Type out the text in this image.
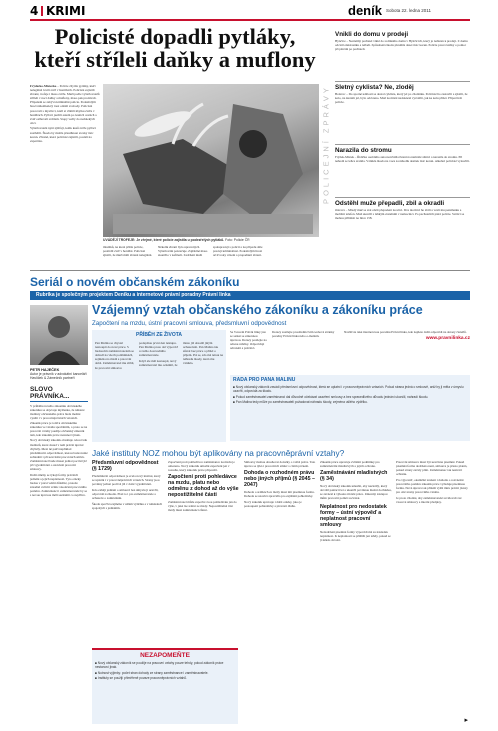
4 KRIMI	deník Sobota 22. ledna 2011
Policisté dopadli pytláky,
kteří stříleli daňky a muflony

Frýdecko-Místecko – Policie chytila pytláky, kteří nelegálně lovili zvěř v honitbách. Policisté zajistili zbraně, trofeje i maso zvěře. Muži podle vyšetřovatelů stříleli v noci daňky a muflony, maso pak prodávali. Případem se zabývá kriminální policie. Podezřelým hrozí několikaletý trest odnětí svobody. Policisté pracovali s myslivci, kteří si všimli úbytku zvěře v honitbách. Pytláci jezdili autem po lesních cestách a zvěř oslňovali světlem. Stopy vedly do nedalekých obcí.

Vyšetřovatelé nyní zjišťují, kolik kusů zvěře pytláci zastřelili. Škoda by mohla přesáhnout stovky tisíc korun. Zbraně, které policisté zajistili, poslali na expertízu.

UVÁDĚJÍ TROFEJE: Je zřejmé, které policie zajistila u podezřelých pytláků. Foto: Policie ČR

mladíků, na které přišla policie, postřelil zvěř v honitbě. Policisté zjistili, že muži měli zbraně nelegálně. Několik zbraní bylo upravených. Vyšetřování pokračuje. Zajištěné maso skončilo v kafilerii. Zadržení muži spolupracují s policií a na případu dále pracují kriminalisté. Podezřelým hrozí až tři roky vězení a propadnutí zbraní.

POLICEJNÍ ZPRÁVY
Vnikli do domu v prodeji

Hynčice – Neznámý pachatel vnikl do rodinného domu v Hynčicích, který je nabízen k prodeji. Z domu odcizil elektroniku a nářadí. Způsobená škoda přesáhla deset tisíc korun. Policie prosí svědky o pomoc při pátrání po pachateli.

Sletný cyklista? Ne, zloděj

Bolavec – Do sporné události se dostal cyklista, který jel po chodníku. Policisté ho zastavili a zjistili, že kolo, na kterém jel, bylo odcizeno. Muž na místě nedokázal vysvětlit, jak ke kolu přišel. Případ řeší policie.

Narazila do stromu

Frýdek-Místek – Řidička osobního auta nezvládla řízení na namrzlé silnici a narazila do stromu. Při nehodě se lehce zranila. Vznikla škoda na voze za několik desítek tisíc korun. Alkohol policisté vyloučili.

Odstěhl muže přepadli, zbil a okradli

Ostrava – Mladý muž se stal obětí přepadení na ulici. Dva útočníci ho zbili a vzali mu peněženku a mobilní telefon. Muž skončil s lehkým zraněním v nemocnici. Po pachatelích pátrá policie. Svědci se mohou přihlásit na lince 158.

Seriál o novém občanském zákoníku
Rubrika je společným projektem Deníku a internetové právní poradny Právní linka
PETR HAJEČEK
Autor je právník v advokátní kanceláři Havlíček & Zámečník partneři
SLOVO PRÁVNÍKA...

V průběhu nového zákoníku občanského zákoníku se objevuje myšlenka, že některé instituty občanského práva bude možné využít i v pracovněprávních vztazích. Zákoník práce je totiž k občanskému zákoníku ve vztahu speciálním, a proto se na pracovní vztahy použije občanský zákoník tam, kde zákoník práce nestanoví jinak.

Nový občanský zákoník obsahuje celou řadu institutů, které dosud v naší právní úpravě chyběly. Mezi ně patří například předsmluvní odpovědnost, kterou bude nutné zohlednit i při uzavírání pracovních smluv. Zaměstnavatel bude muset jednat poctivě již při vyjednávání o uzavření pracovní smlouvy.

Další změny se týkají formy právních jednání a jejich neplatnosti. Tyto otázky budou v praxi velmi důležité, protože zásadně ovlivní vznik i skončení pracovního poměru. Zaměstnanci i zaměstnavatelé by se s novou úpravou měli seznámit co nejdříve.

Vzájemný vztah občanského zákoníku a zákoníku práce
Započtení na mzdu, ústní pracovní smlouva, předsmluvní odpovědnost
PŘÍBĚH ZE ŽIVOTA

Pan Malina se chystal nastoupit do nové práce. S budoucím zaměstnavatelem se dohodl na všech podmínkách, zejména na mzdě a pracovní době. Zaměstnavatel mu slíbil, že pracovní smlouvu podepíšou první den nástupu. Pan Malina proto dal výpověď u svého dosavadního zaměstnavatele.

Když ale měl nastoupit, nový zaměstnavatel mu oznámil, že místo již obsadil jiným uchazečem. Pan Malina tak zůstal bez práce a přišel o příjem. Ptá se, zda má nárok na náhradu škody, která mu vznikla.

Se Vzorem Právní linky jste se setkat se zákonnou úpravou. Dotazy posílejte na adresu rubriky. Odpovídají advokáti a právníci.

RADA PRO PANA MALINU

■ Nový občanský zákoník zavádí předsmluvní odpovědnost, která se uplatní i v pracovněprávních vztazích. Pokud strana jedná o smlouvě, aniž by ji měla v úmyslu uzavřít, odpovídá za škodu.

■ Pokud zaměstnavatel zaměstnanci dal důvodně očekávat uzavření smlouvy a bez spravedlivého důvodu jednání ukončil, nahradí škodu.

■ Pan Malina tedy může po zaměstnavateli požadovat náhradu škody, zejména ušlého výdělku.

Dotazy zasílejte prostřednictvím webové stránky poradny Právní linka nebo e-mailem.
Navštivte také internetovou poradnu Právní linka, kde najdete další odpovědi na dotazy čtenářů.
www.pravnilinka.cz
Jaké instituty NOZ mohou být aplikovány na pracovněprávní vztahy?
Předsmluvní odpovědnost (§ 1729)

Předsmluvní odpovědnost je zcela nový institut, který se uplatní i v pracovněprávních vztazích. Strany jsou povinny jednat poctivě již v době vyjednávání.

Kdo zahájí jednání o smlouvě bez úmyslu ji uzavřít, odpovídá za škodu. Platí to i pro zaměstnavatele a uchazeče o zaměstnání.

Škoda spočívá zejména v ušlém výdělku a v nákladech spojených s jednáním.

Započtení proti pohledávce zaměstnance na mzdu je omezeno. Nový zákoník umožní započtení jen v rozsahu, který zákoník práce připouští.

Započtení proti pohledávce na mzdu, platu nebo odměnu z dohod až do výše nepostižitelné části

Zaměstnavatel může započíst svou pohledávku jen do výše, v jaké lze srážet ze mzdy. Nepostižitelná část mzdy musí zaměstnanci zůstat.

Smlouvy mohou obsahovat doložky o volbě práva. Tato úprava se týká i pracovních smluv s cizím prvkem.

Dohoda o rozhodném právu nebo jiných příjmů (§ 2045 – 2047)

Dohoda o srážkách ze mzdy musí mít písemnou formu. Dohoda se uzavírá zpravidla pro zajištění pohledávky.

Nový zákoník upravuje i další otázky, jako je postoupení pohledávky a převzetí dluhu.

Zákoník práce upravuje zvláštní podmínky pro zaměstnávání mladistvých a jejich ochranu.

Zaměstnávání mladistvých (§ 34)

Nový občanský zákoník umožní, aby nezletilý, který dovršil patnácti let a ukončil povinnou školní docházku, se zavázal k výkonu závislé práce. Zákonný zástupce může pracovní poměr rozvázat.

Neplatnost pro nedostatek formy – ústní výpověď a neplatnost pracovní smlouvy

Nedodržení písemné formy výpovědi má za následek neplatnost. K neplatnosti se přihlíží jen tehdy, pokud se jí někdo dovolá.

Pracovní smlouva musí být uzavřena písemně. Pokud písemná forma dodržena není, smlouva je přesto platná, pokud strany začaly plnit. Zaměstnanec tak neztrácí ochranu.

Pro výpověď, okamžité zrušení i dohodu o rozvázání pracovního poměru zákoník práce vyžaduje písemnou formu. Nová úprava tak přináší vyšší míru právní jistoty pro obě strany pracovního vztahu.

Je proto vhodné, aby zaměstnavatelé revidovali své vzorové smlouvy a interní předpisy.

▸
NEZAPOMEŇTE

■ Nový občanský zákoník se použije na pracovní vztahy pouze tehdy, pokud zákoník práce nestanoví jinak.

■ Nutnost výjimky: počet stran dohody ze strany zaměstnance i zaměstnavatele.

■ Instituty se použijí přiměřeně povaze pracovněprávních vztahů.
